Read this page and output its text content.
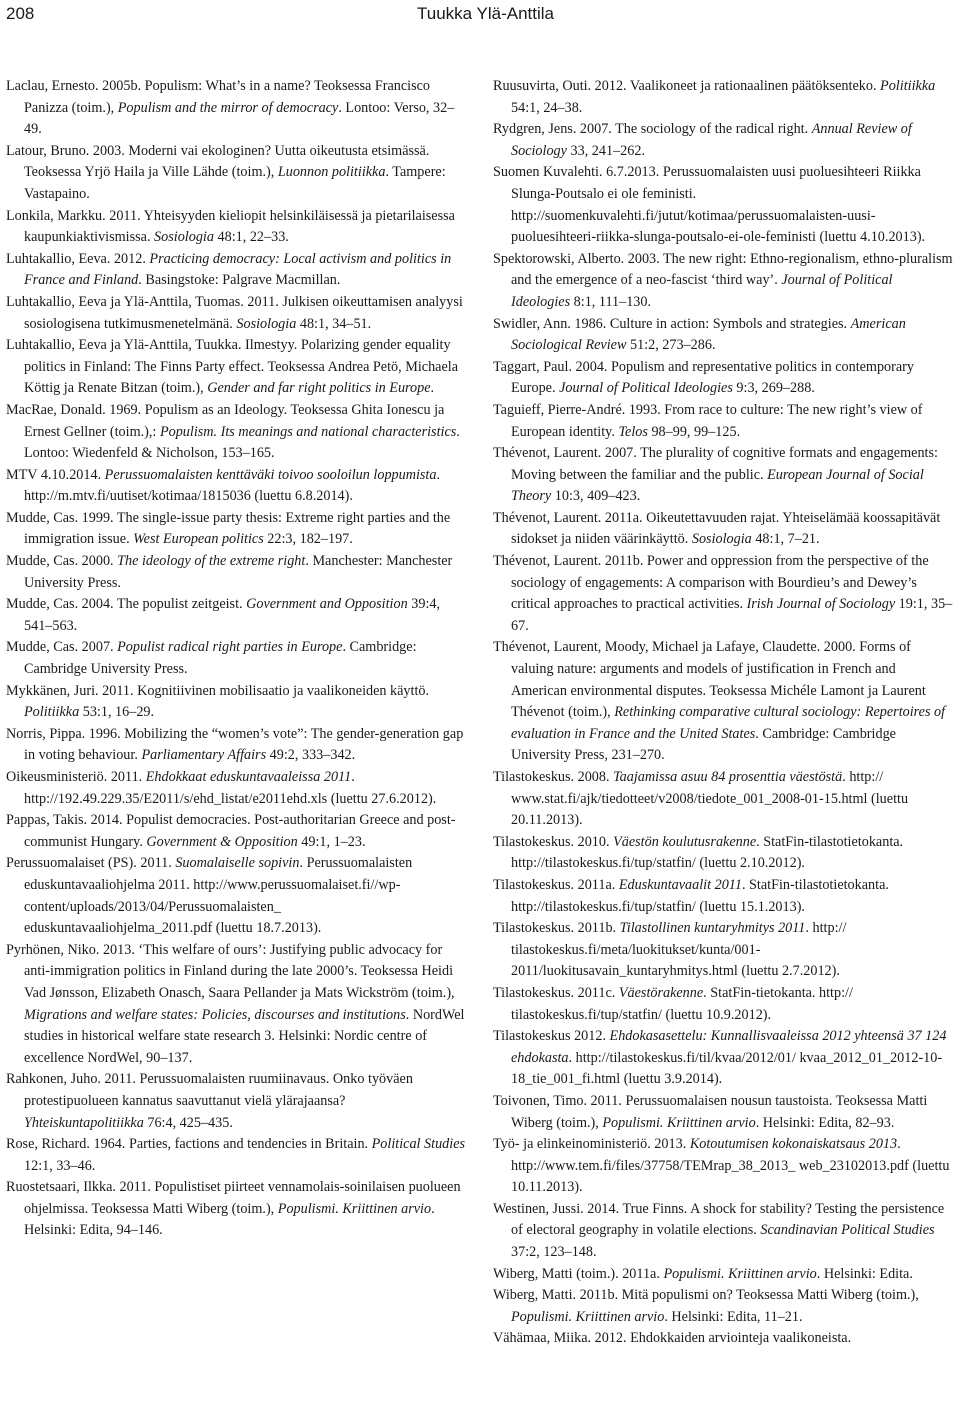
208	Tuukka Ylä-Anttila

Laclau, Ernesto. 2005b. Populism: What’s in a name? Teoksessa Francisco Panizza (toim.), Populism and the mirror of democracy. Lontoo: Verso, 32–49.

Latour, Bruno. 2003. Moderni vai ekologinen? Uutta oikeutusta etsimässä. Teoksessa Yrjö Haila ja Ville Lähde (toim.), Luonnon politiikka. Tampere: Vastapaino.

Lonkila, Markku. 2011. Yhteisyyden kieliopit helsinkiläisessä ja pietarilaisessa kaupunkiaktivismissa. Sosiologia 48:1, 22–33.

Luhtakallio, Eeva. 2012. Practicing democracy: Local activism and politics in France and Finland. Basingstoke: Palgrave Macmillan.

Luhtakallio, Eeva ja Ylä-Anttila, Tuomas. 2011. Julkisen oikeuttamisen analyysi sosiologisena tutkimusmenetelmänä. Sosiologia 48:1, 34–51.

Luhtakallio, Eeva ja Ylä-Anttila, Tuukka. Ilmestyy. Polarizing gender equality politics in Finland: The Finns Party effect. Teoksessa Andrea Petö, Michaela Köttig ja Renate Bitzan (toim.), Gender and far right politics in Europe.

MacRae, Donald. 1969. Populism as an Ideology. Teoksessa Ghita Ionescu ja Ernest Gellner (toim.),: Populism. Its meanings and national characteristics. Lontoo: Wiedenfeld & Nicholson, 153–165.

MTV 4.10.2014. Perussuomalaisten kenttäväki toivoo sooloilun loppumista. http://m.mtv.fi/uutiset/kotimaa/1815036 (luettu 6.8.2014).

Mudde, Cas. 1999. The single-issue party thesis: Extreme right parties and the immigration issue. West European politics 22:3, 182–197.

Mudde, Cas. 2000. The ideology of the extreme right. Manchester: Manchester University Press.

Mudde, Cas. 2004. The populist zeitgeist. Government and Opposition 39:4, 541–563.

Mudde, Cas. 2007. Populist radical right parties in Europe. Cambridge: Cambridge University Press.

Mykkänen, Juri. 2011. Kognitiivinen mobilisaatio ja vaalikoneiden käyttö. Politiikka 53:1, 16–29.

Norris, Pippa. 1996. Mobilizing the “women’s vote”: The gender-generation gap in voting behaviour. Parliamentary Affairs 49:2, 333–342.

Oikeusministeriö. 2011. Ehdokkaat eduskuntavaaleissa 2011. http://192.49.229.35/E2011/s/ehd_listat/e2011ehd.xls (luettu 27.6.2012).

Pappas, Takis. 2014. Populist democracies. Post-authoritarian Greece and post-communist Hungary. Government & Opposition 49:1, 1–23.

Perussuomalaiset (PS). 2011. Suomalaiselle sopivin. Perussuomalaisten eduskuntavaaliohjelma 2011. http://www.perussuomalaiset.fi//wp-content/uploads/2013/04/Perussuomalaisten_ eduskuntavaaliohjelma_2011.pdf (luettu 18.7.2013).

Pyrhönen, Niko. 2013. ‘This welfare of ours’: Justifying public advocacy for anti-immigration politics in Finland during the late 2000’s. Teoksessa Heidi Vad Jønsson, Elizabeth Onasch, Saara Pellander ja Mats Wickström (toim.), Migrations and welfare states: Policies, discourses and institutions. NordWel studies in historical welfare state research 3. Helsinki: Nordic centre of excellence NordWel, 90–137.

Rahkonen, Juho. 2011. Perussuomalaisten ruumiinavaus. Onko työväen protestipuolueen kannatus saavuttanut vielä ylärajaansa? Yhteiskuntapolitiikka 76:4, 425–435.

Rose, Richard. 1964. Parties, factions and tendencies in Britain. Political Studies 12:1, 33–46.

Ruostetsaari, Ilkka. 2011. Populistiset piirteet vennamolais-soinilaisen puolueen ohjelmissa. Teoksessa Matti Wiberg (toim.), Populismi. Kriittinen arvio. Helsinki: Edita, 94–146.

Ruusuvirta, Outi. 2012. Vaalikoneet ja rationaalinen päätöksenteko. Politiikka 54:1, 24–38.

Rydgren, Jens. 2007. The sociology of the radical right. Annual Review of Sociology 33, 241–262.

Suomen Kuvalehti. 6.7.2013. Perussuomalaisten uusi puoluesihteeri Riikka Slunga-Poutsalo ei ole feministi. http://suomenkuvalehti.fi/jutut/kotimaa/perussuomalaisten-uusi-puoluesihteeri-riikka-slunga-poutsalo-ei-ole-feministi (luettu 4.10.2013).

Spektorowski, Alberto. 2003. The new right: Ethno-regionalism, ethno-pluralism and the emergence of a neo-fascist ‘third way’. Journal of Political Ideologies 8:1, 111–130.

Swidler, Ann. 1986. Culture in action: Symbols and strategies. American Sociological Review 51:2, 273–286.

Taggart, Paul. 2004. Populism and representative politics in contemporary Europe. Journal of Political Ideologies 9:3, 269–288.

Taguieff, Pierre-André. 1993. From race to culture: The new right’s view of European identity. Telos 98–99, 99–125.

Thévenot, Laurent. 2007. The plurality of cognitive formats and engagements: Moving between the familiar and the public. European Journal of Social Theory 10:3, 409–423.

Thévenot, Laurent. 2011a. Oikeutettavuuden rajat. Yhteiselämää koossapitävät sidokset ja niiden väärinkäyttö. Sosiologia 48:1, 7–21.

Thévenot, Laurent. 2011b. Power and oppression from the perspective of the sociology of engagements: A comparison with Bourdieu’s and Dewey’s critical approaches to practical activities. Irish Journal of Sociology 19:1, 35–67.

Thévenot, Laurent, Moody, Michael ja Lafaye, Claudette. 2000. Forms of valuing nature: arguments and models of justification in French and American environmental disputes. Teoksessa Michéle Lamont ja Laurent Thévenot (toim.), Rethinking comparative cultural sociology: Repertoires of evaluation in France and the United States. Cambridge: Cambridge University Press, 231–270.

Tilastokeskus. 2008. Taajamissa asuu 84 prosenttia väestöstä. http:// www.stat.fi/ajk/tiedotteet/v2008/tiedote_001_2008-01-15.html (luettu 20.11.2013).

Tilastokeskus. 2010. Väestön koulutusrakenne. StatFin-tilastotietokanta. http://tilastokeskus.fi/tup/statfin/ (luettu 2.10.2012).

Tilastokeskus. 2011a. Eduskuntavaalit 2011. StatFin-tilastotietokanta. http://tilastokeskus.fi/tup/statfin/ (luettu 15.1.2013).

Tilastokeskus. 2011b. Tilastollinen kuntaryhmitys 2011. http:// tilastokeskus.fi/meta/luokitukset/kunta/001-2011/luokitusavain_kuntaryhmitys.html (luettu 2.7.2012).

Tilastokeskus. 2011c. Väestörakenne. StatFin-tietokanta. http:// tilastokeskus.fi/tup/statfin/ (luettu 10.9.2012).

Tilastokeskus 2012. Ehdokasasettelu: Kunnallisvaaleissa 2012 yhteensä 37 124 ehdokasta. http://tilastokeskus.fi/til/kvaa/2012/01/ kvaa_2012_01_2012-10-18_tie_001_fi.html (luettu 3.9.2014).

Toivonen, Timo. 2011. Perussuomalaisen nousun taustoista. Teoksessa Matti Wiberg (toim.), Populismi. Kriittinen arvio. Helsinki: Edita, 82–93.

Työ- ja elinkeinoministeriö. 2013. Kotoutumisen kokonaiskatsaus 2013. http://www.tem.fi/files/37758/TEMrap_38_2013_ web_23102013.pdf (luettu 10.11.2013).

Westinen, Jussi. 2014. True Finns. A shock for stability? Testing the persistence of electoral geography in volatile elections. Scandinavian Political Studies 37:2, 123–148.

Wiberg, Matti (toim.). 2011a. Populismi. Kriittinen arvio. Helsinki: Edita.

Wiberg, Matti. 2011b. Mitä populismi on? Teoksessa Matti Wiberg (toim.), Populismi. Kriittinen arvio. Helsinki: Edita, 11–21.

Vähämaa, Miika. 2012. Ehdokkaiden arviointeja vaalikoneista.
